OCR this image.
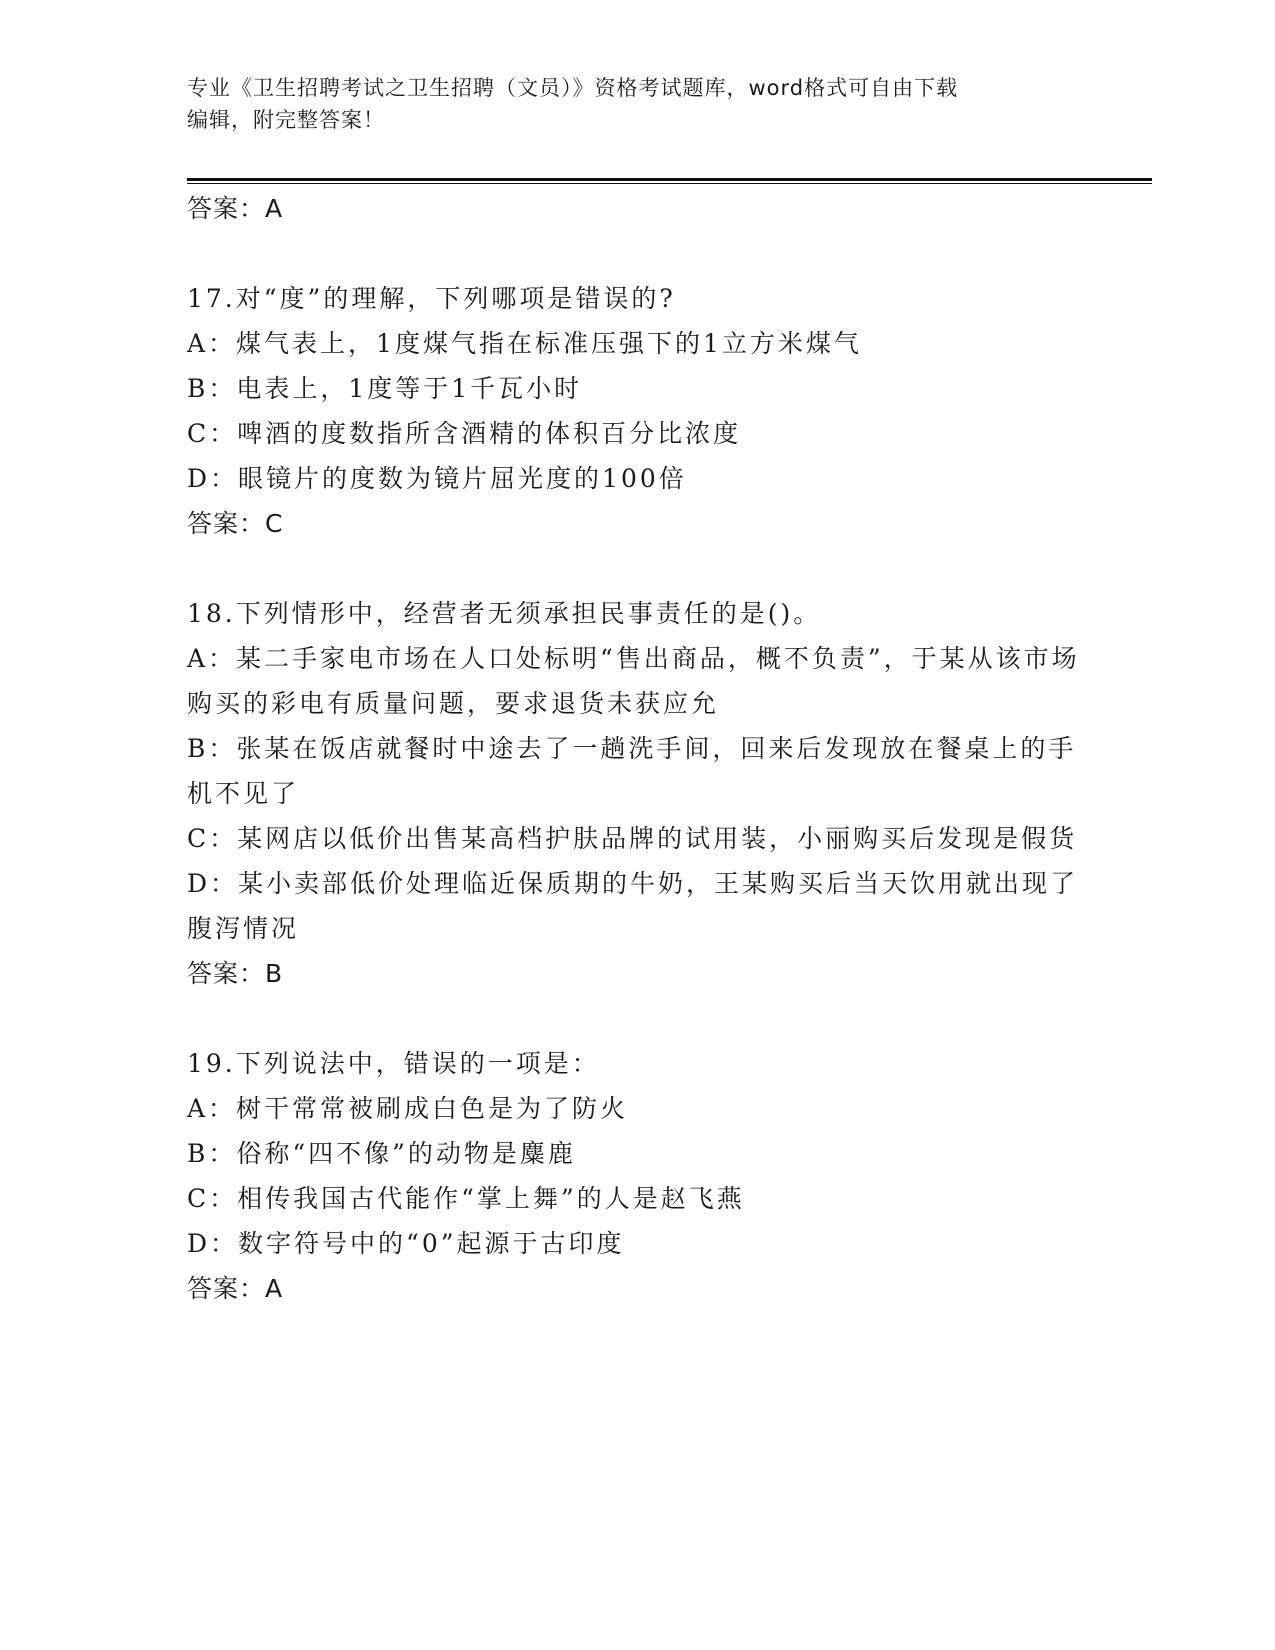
专业《卫生招聘考试之卫生招聘（文员）》资格考试题库，word格式可自由下载
编辑，附完整答案！

答案：A

17.对“度”的理解，下列哪项是错误的?

A：煤气表上，1度煤气指在标准压强下的1立方米煤气

B：电表上，1度等于1千瓦小时

C：啤酒的度数指所含酒精的体积百分比浓度

D：眼镜片的度数为镜片屈光度的100倍

答案：C

18.下列情形中，经营者无须承担民事责任的是()。

A：某二手家电市场在人口处标明“售出商品，概不负责”，于某从该市场购买的彩电有质量问题，要求退货未获应允

B：张某在饭店就餐时中途去了一趟洗手间，回来后发现放在餐桌上的手机不见了

C：某网店以低价出售某高档护肤品牌的试用装，小丽购买后发现是假货

D：某小卖部低价处理临近保质期的牛奶，王某购买后当天饮用就出现了腹泻情况

答案：B

19.下列说法中，错误的一项是：

A：树干常常被刷成白色是为了防火

B：俗称“四不像”的动物是麋鹿

C：相传我国古代能作“掌上舞”的人是赵飞燕

D：数字符号中的“0”起源于古印度

答案：A
